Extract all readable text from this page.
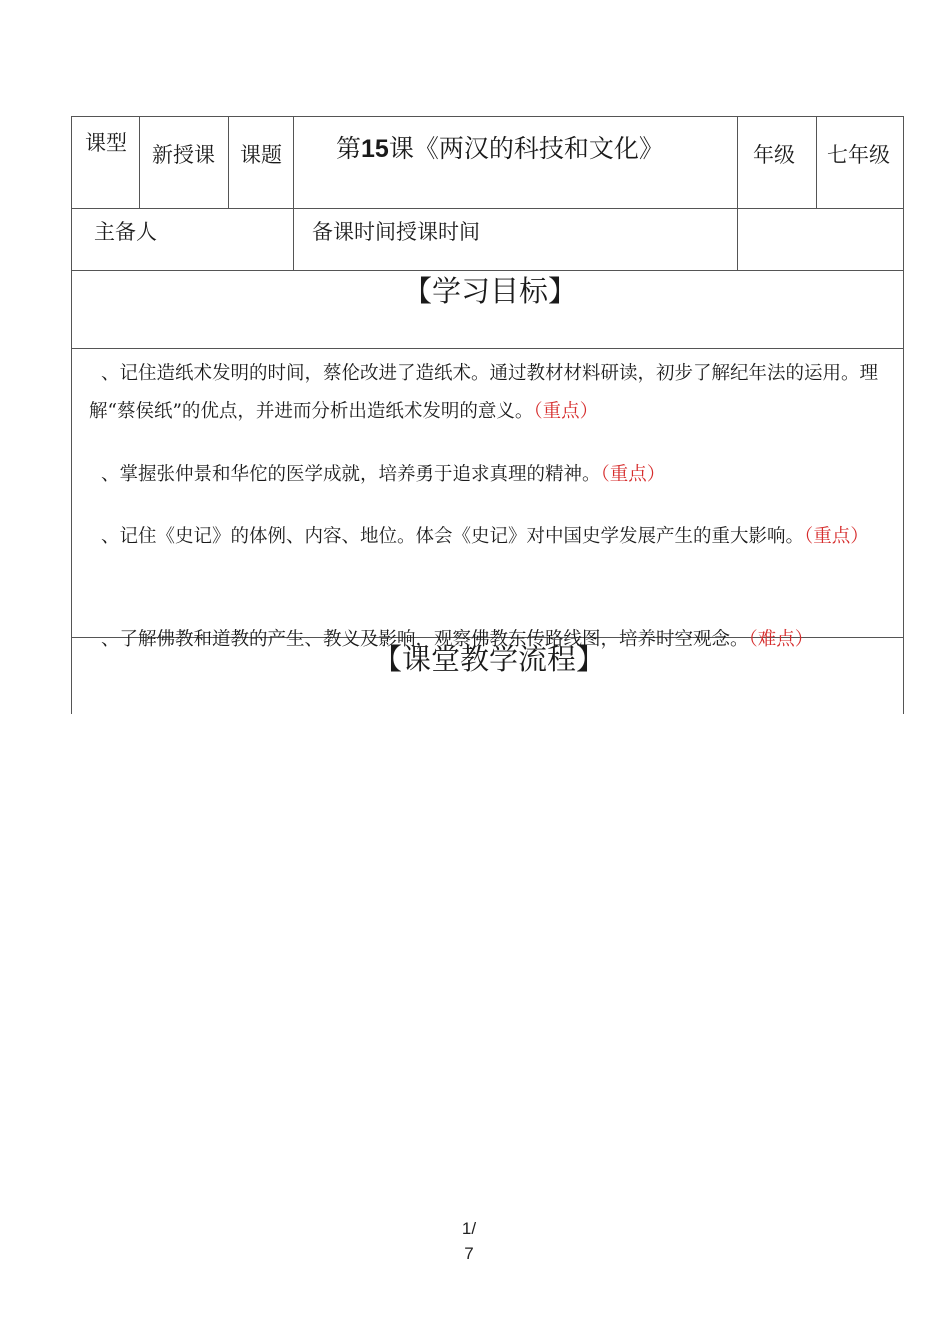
课型 新授课 课题 第15课《两汉的科技和文化》	年级 七年级
主备人	备课时间授课时间
【学习目标】

、记住造纸术发明的时间，蔡伦改进了造纸术。通过教材材料研读，初步了解纪年法的运用。理解“蔡侯纸”的优点，并进而分析出造纸术发明的意义。（重点）

、掌握张仲景和华佗的医学成就，培养勇于追求真理的精神。（重点）

、记住《史记》的体例、内容、地位。体会《史记》对中国史学发展产生的重大影响。（重点）

、了解佛教和道教的产生、教义及影响，观察佛教东传路线图，培养时空观念。（难点）

【课堂教学流程】
1/
7
